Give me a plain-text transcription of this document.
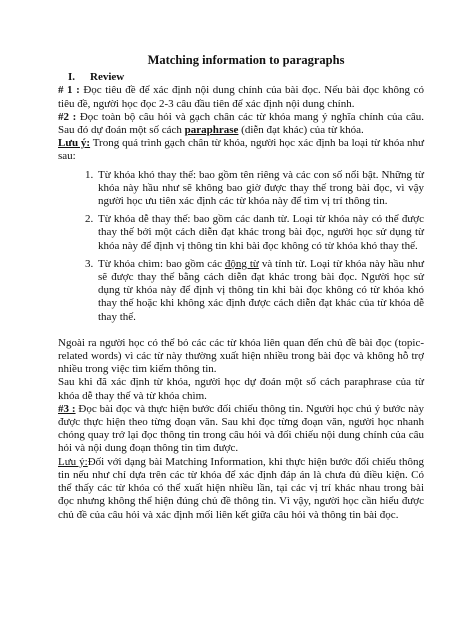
Matching information to paragraphs
I. Review

# 1 : Đọc tiêu đề để xác định nội dung chính của bài đọc. Nếu bài đọc không có tiêu đề, người học đọc 2-3 câu đầu tiên để xác định nội dung chính.

#2 : Đọc toàn bộ câu hỏi và gạch chân các từ khóa mang ý nghĩa chính của câu. Sau đó dự đoán một số cách paraphrase (diễn đạt khác) của từ khóa.

Lưu ý: Trong quá trình gạch chân từ khóa, người học xác định ba loại từ khóa như sau:

1. Từ khóa khó thay thế: bao gồm tên riêng và các con số nổi bật. Những từ khóa này hầu như sẽ không bao giờ được thay thế trong bài đọc, vì vậy người học ưu tiên xác định các từ khóa này để tìm vị trí thông tin.
2. Từ khóa dễ thay thế: bao gồm các danh từ. Loại từ khóa này có thể được thay thế bởi một cách diễn đạt khác trong bài đọc, người học sử dụng từ khóa này để định vị thông tin khi bài đọc không có từ khóa khó thay thế.
3. Từ khóa chìm: bao gồm các động từ và tính từ. Loại từ khóa này hầu như sẽ được thay thế bằng cách diễn đạt khác trong bài đọc. Người học sử dụng từ khóa này để định vị thông tin khi bài đọc không có từ khóa khó thay thế hoặc khi không xác định được cách diễn đạt khác của từ khóa dễ thay thế.

Ngoài ra người học có thể bỏ các các từ khóa liên quan đến chủ đề bài đọc (topic-related words) vì các từ này thường xuất hiện nhiều trong bài đọc và không hỗ trợ nhiều trong việc tìm kiếm thông tin.

Sau khi đã xác định từ khóa, người học dự đoán một số cách paraphrase của từ khóa dễ thay thế và từ khóa chìm.

#3 : Đọc bài đọc và thực hiện bước đối chiếu thông tin. Người học chú ý bước này được thực hiện theo từng đoạn văn. Sau khi đọc từng đoạn văn, người học nhanh chóng quay trở lại đọc thông tin trong câu hỏi và đối chiếu nội dung chính của câu hỏi và nội dung đoạn thông tin tìm được.

Lưu ý:Đối với dạng bài Matching Information, khi thực hiện bước đối chiếu thông tin nếu như chỉ dựa trên các từ khóa để xác định đáp án là chưa đủ điều kiện. Có thể thấy các từ khóa có thể xuất hiện nhiều lần, tại các vị trí khác nhau trong bài đọc nhưng không thể hiện đúng chủ đề thông tin. Vì vậy, người học cần hiểu được chủ đề của câu hỏi và xác định mối liên kết giữa câu hỏi và thông tin bài đọc.
